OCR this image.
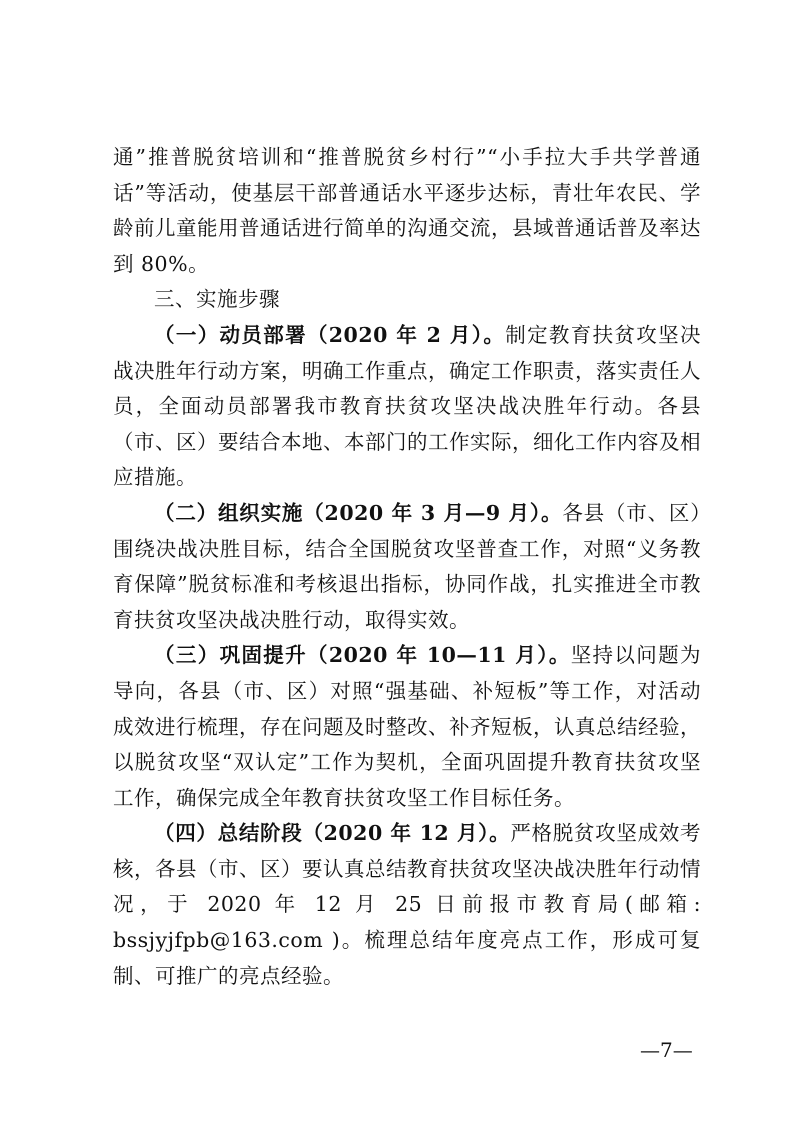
通”推普脱贫培训和“推普脱贫乡村行”“小手拉大手共学普通话”等活动，使基层干部普通话水平逐步达标，青壮年农民、学龄前儿童能用普通话进行简单的沟通交流，县域普通话普及率达到 80%。

三、实施步骤

（一）动员部署（2020 年 2 月）。制定教育扶贫攻坚决战决胜年行动方案，明确工作重点，确定工作职责，落实责任人员，全面动员部署我市教育扶贫攻坚决战决胜年行动。各县（市、区）要结合本地、本部门的工作实际，细化工作内容及相应措施。

（二）组织实施（2020 年 3 月—9 月）。各县（市、区）围绕决战决胜目标，结合全国脱贫攻坚普查工作，对照“义务教育保障”脱贫标准和考核退出指标，协同作战，扎实推进全市教育扶贫攻坚决战决胜行动，取得实效。

（三）巩固提升（2020 年 10—11 月）。坚持以问题为导向，各县（市、区）对照“强基础、补短板”等工作，对活动成效进行梳理，存在问题及时整改、补齐短板，认真总结经验，以脱贫攻坚“双认定”工作为契机，全面巩固提升教育扶贫攻坚工作，确保完成全年教育扶贫攻坚工作目标任务。

（四）总结阶段（2020 年 12 月）。严格脱贫攻坚成效考核，各县（市、区）要认真总结教育扶贫攻坚决战决胜年行动情况，于 2020 年 12 月 25 日前报市教育局(邮箱: bssjyjfpb@163.com )。梳理总结年度亮点工作，形成可复制、可推广的亮点经验。

—7—
